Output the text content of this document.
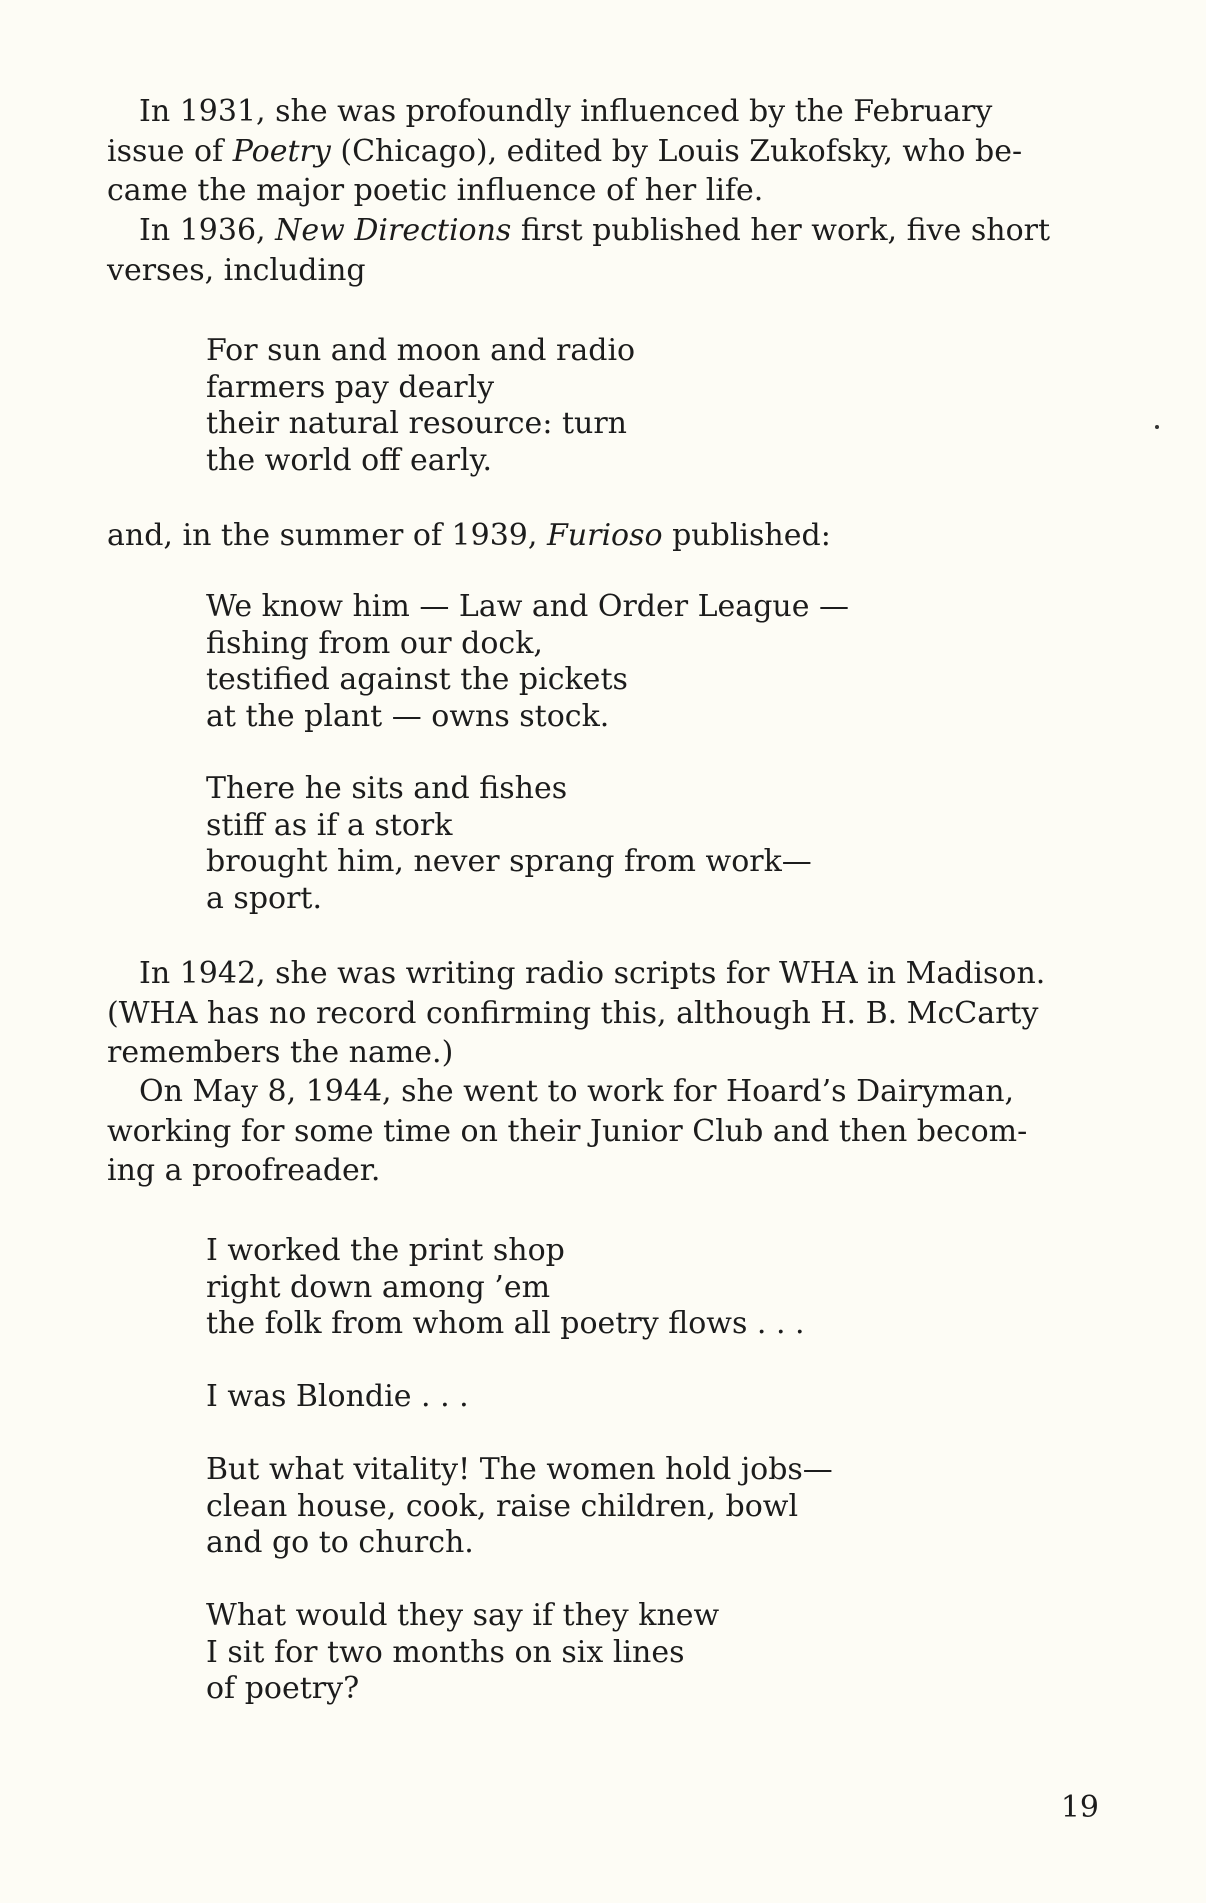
In 1931, she was profoundly influenced by the February
issue of Poetry (Chicago), edited by Louis Zukofsky, who be-
came the major poetic influence of her life.

In 1936, New Directions first published her work, five short
verses, including

For sun and moon and radio
farmers pay dearly
their natural resource: turn
the world off early.

and, in the summer of 1939, Furioso published:

We know him — Law and Order League —
fishing from our dock,
testified against the pickets
at the plant — owns stock.
There he sits and fishes
stiff as if a stork
brought him, never sprang from work—
a sport.

In 1942, she was writing radio scripts for WHA in Madison.
(WHA has no record confirming this, although H. B. McCarty
remembers the name.)

On May 8, 1944, she went to work for Hoard’s Dairyman,
working for some time on their Junior Club and then becom-
ing a proofreader.

I worked the print shop
right down among ’em
the folk from whom all poetry flows . . .
I was Blondie . . .
But what vitality! The women hold jobs—
clean house, cook, raise children, bowl
and go to church.
What would they say if they knew
I sit for two months on six lines
of poetry?
19
